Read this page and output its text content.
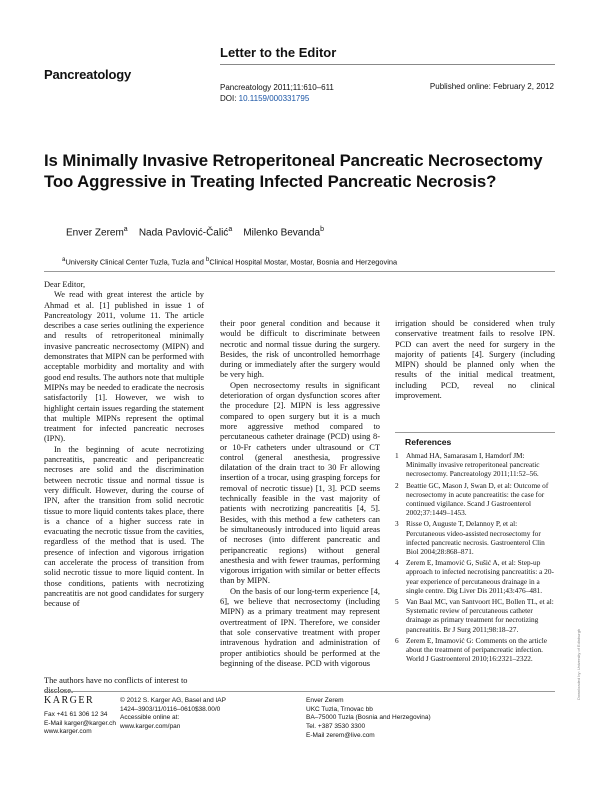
Letter to the Editor
Pancreatology
Pancreatology 2011;11:610–611
DOI: 10.1159/000331795
Published online: February 2, 2012
Is Minimally Invasive Retroperitoneal Pancreatic Necrosectomy Too Aggressive in Treating Infected Pancreatic Necrosis?
Enver Zerem$^a$ Nada Pavlović-Čalić$^a$ Milenko Bevanda$^b$
$^a$University Clinical Center Tuzla, Tuzla and $^b$Clinical Hospital Mostar, Mostar, Bosnia and Herzegovina

Dear Editor,

We read with great interest the article by Ahmad et al. [1] published in issue 1 of Pancreatology 2011, volume 11. The article describes a case series outlining the experience and results of retroperitoneal minimally invasive pancreatic necrosectomy (MIPN) and demonstrates that MIPN can be performed with acceptable morbidity and mortality and with good end results. The authors note that multiple MIPNs may be needed to eradicate the necrosis satisfactorily [1]. However, we wish to highlight certain issues regarding the statement that multiple MIPNs represent the optimal treatment for infected pancreatic necroses (IPN).

In the beginning of acute necrotizing pancreatitis, pancreatic and peripancreatic necroses are solid and the discrimination between necrotic tissue and normal tissue is very difficult. However, during the course of IPN, after the transition from solid necrotic tissue to more liquid contents takes place, there is a chance of a higher success rate in evacuating the necrotic tissue from the cavities, regardless of the method that is used. The presence of infection and vigorous irrigation can accelerate the process of transition from solid necrotic tissue to more liquid content. In those conditions, patients with necrotizing pancreatitis are not good candidates for surgery because of

The authors have no conflicts of interest to

their poor general condition and because it would be difficult to discriminate between necrotic and normal tissue during the surgery. Besides, the risk of uncontrolled hemorrhage during or immediately after the surgery would be very high.

Open necrosectomy results in significant deterioration of organ dysfunction scores after the procedure [2]. MIPN is less aggressive compared to open surgery but it is a much more aggressive method compared to percutaneous catheter drainage (PCD) using 8- or 10-Fr catheters under ultrasound or CT control (general anesthesia, progressive dilatation of the drain tract to 30 Fr allowing insertion of a trocar, using grasping forceps for removal of necrotic tissue) [1, 3]. PCD seems technically feasible in the vast majority of patients with necrotizing pancreatitis [4, 5]. Besides, with this method a few catheters can be simultaneously introduced into liquid areas of necroses (into different pancreatic and peripancreatic regions) without general anesthesia and with fewer traumas, performing vigorous irrigation with similar or better effects than by MIPN.

On the basis of our long-term experience [4, 6], we believe that necrosectomy (including MIPN) as a primary treatment may represent overtreatment of IPN. Therefore, we consider that sole conservative treatment with proper intravenous hydration and administration of proper antibiotics should be performed at the beginning of the disease. PCD with vigorous

irrigation should be considered when truly conservative treatment fails to resolve IPN. PCD can avert the need for surgery in the majority of patients [4]. Surgery (including MIPN) should be planned only when the results of the initial medical treatment, including PCD, reveal no clinical improvement.

References
1	Ahmad HA, Samarasam I, Hamdorf JM: Minimally invasive retroperitoneal pancreatic necrosectomy. Pancreatology 2011;11:52–56.
2	Beattie GC, Mason J, Swan D, et al: Outcome of necrosectomy in acute pancreatitis: the case for continued vigilance. Scand J Gastroenterol 2002;37:1449–1453.
3	Risse O, Auguste T, Delannoy P, et al: Percutaneous video-assisted necrosectomy for infected pancreatic necrosis. Gastroenterol Clin Biol 2004;28:868–871.
4	Zerem E, Imamović G, Sušić A, et al: Step-up approach to infected necrotising pancreatitis: a 20-year experience of percutaneous drainage in a single centre. Dig Liver Dis 2011;43:476–481.
5	Van Baal MC, van Santvoort HC, Bollen TL, et al: Systematic review of percutaneous catheter drainage as primary treatment for necrotizing pancreatitis. Br J Surg 2011;98:18–27.
6	Zerem E, Imamović G: Comments on the article about the treatment of peripancreatic infection. World J Gastroenterol 2010;16:2321–2322.
KARGER
Fax +41 61 306 12 34
E-Mail karger@karger.ch
www.karger.com
© 2012 S. Karger AG, Basel and IAP
1424–3903/11/0116–0610$38.00/0
Accessible online at:
www.karger.com/pan
Enver Zerem
UKC Tuzla, Trnovac bb
BA–75000 Tuzla (Bosnia and Herzegovina)
Tel. +387 3530 3300
E-Mail zerem@live.com
Downloaded by: University of Edinburgh
